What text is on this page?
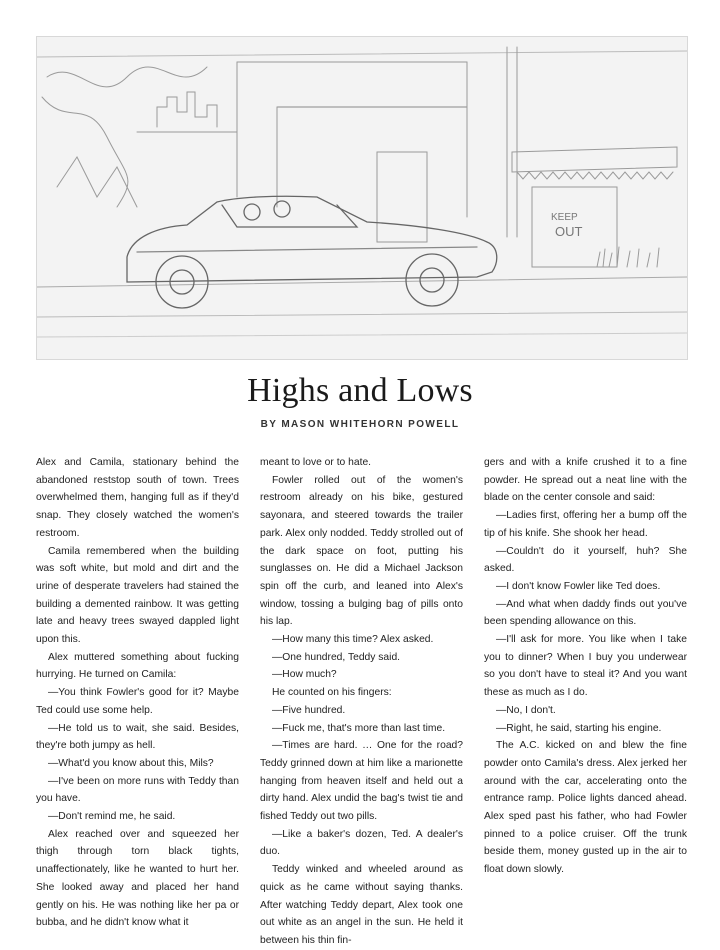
KEEP
OUT
Highs and Lows
BY MASON WHITEHORN POWELL

Alex and Camila, stationary behind the abandoned reststop south of town. Trees overwhelmed them, hanging full as if they'd snap. They closely watched the women's restroom.

Camila remembered when the building was soft white, but mold and dirt and the urine of desperate travelers had stained the building a demented rainbow. It was getting late and heavy trees swayed dappled light upon this.

Alex muttered something about fucking hurrying. He turned on Camila:

—You think Fowler's good for it? Maybe Ted could use some help.

—He told us to wait, she said. Besides, they're both jumpy as hell.

—What'd you know about this, Mils?

—I've been on more runs with Teddy than you have.

—Don't remind me, he said.

Alex reached over and squeezed her thigh through torn black tights, unaffectionately, like he wanted to hurt her. She looked away and placed her hand gently on his. He was nothing like her pa or bubba, and he didn't know what it

meant to love or to hate.

Fowler rolled out of the women's restroom already on his bike, gestured sayonara, and steered towards the trailer park. Alex only nodded. Teddy strolled out of the dark space on foot, putting his sunglasses on. He did a Michael Jackson spin off the curb, and leaned into Alex's window, tossing a bulging bag of pills onto his lap.

—How many this time? Alex asked.

—One hundred, Teddy said.

—How much?

He counted on his fingers:

—Five hundred.

—Fuck me, that's more than last time.

—Times are hard. … One for the road? Teddy grinned down at him like a marionette hanging from heaven itself and held out a dirty hand. Alex undid the bag's twist tie and fished Teddy out two pills.

—Like a baker's dozen, Ted. A dealer's duo.

Teddy winked and wheeled around as quick as he came without saying thanks. After watching Teddy depart, Alex took one out white as an angel in the sun. He held it between his thin fin-

gers and with a knife crushed it to a fine powder. He spread out a neat line with the blade on the center console and said:

—Ladies first, offering her a bump off the tip of his knife. She shook her head.

—Couldn't do it yourself, huh? She asked.

—I don't know Fowler like Ted does.

—And what when daddy finds out you've been spending allowance on this.

—I'll ask for more. You like when I take you to dinner? When I buy you underwear so you don't have to steal it? And you want these as much as I do.

—No, I don't.

—Right, he said, starting his engine.

The A.C. kicked on and blew the fine powder onto Camila's dress. Alex jerked her around with the car, accelerating onto the entrance ramp. Police lights danced ahead. Alex sped past his father, who had Fowler pinned to a police cruiser. Off the trunk beside them, money gusted up in the air to float down slowly.
